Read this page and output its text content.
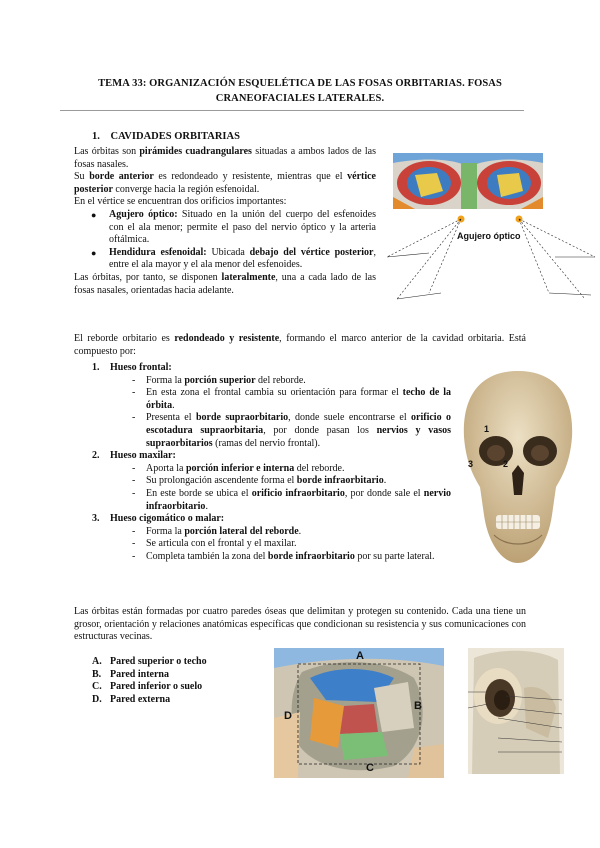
TEMA 33: ORGANIZACIÓN ESQUELÉTICA DE LAS FOSAS ORBITARIAS. FOSAS
CRANEOFACIALES LATERALES.
1. CAVIDADES ORBITARIAS

Las órbitas son pirámides cuadrangulares situadas a ambos lados de las fosas nasales.

Su borde anterior es redondeado y resistente, mientras que el vértice posterior converge hacia la región esfenoidal.

En el vértice se encuentran dos orificios importantes:

● Agujero óptico: Situado en la unión del cuerpo del esfenoides con el ala menor; permite el paso del nervio óptico y la arteria oftálmica.
● Hendidura esfenoidal: Ubicada debajo del vértice posterior, entre el ala mayor y el ala menor del esfenoides.

Las órbitas, por tanto, se disponen lateralmente, una a cada lado de las fosas nasales, orientadas hacia adelante.

Agujero óptico
El reborde orbitario es redondeado y resistente, formando el marco anterior de la cavidad orbitaria. Está compuesto por:
1. Hueso frontal:
- Forma la porción superior del reborde.
- En esta zona el frontal cambia su orientación para formar el techo de la órbita.
- Presenta el borde supraorbitario, donde suele encontrarse el orificio o escotadura supraorbitaria, por donde pasan los nervios y vasos supraorbitarios (ramas del nervio frontal).
2. Hueso maxilar:
- Aporta la porción inferior e interna del reborde.
- Su prolongación ascendente forma el borde infraorbitario.
- En este borde se ubica el orificio infraorbitario, por donde sale el nervio infraorbitario.
3. Hueso cigomático o malar:
- Forma la porción lateral del reborde.
- Se articula con el frontal y el maxilar.
- Completa también la zona del borde infraorbitario por su parte lateral.
1
2
3
Las órbitas están formadas por cuatro paredes óseas que delimitan y protegen su contenido. Cada una tiene un grosor, orientación y relaciones anatómicas específicas que condicionan su resistencia y sus comunicaciones con estructuras vecinas.
A. Pared superior o techo
B. Pared interna
C. Pared inferior o suelo
D. Pared externa
A
B
C
D
